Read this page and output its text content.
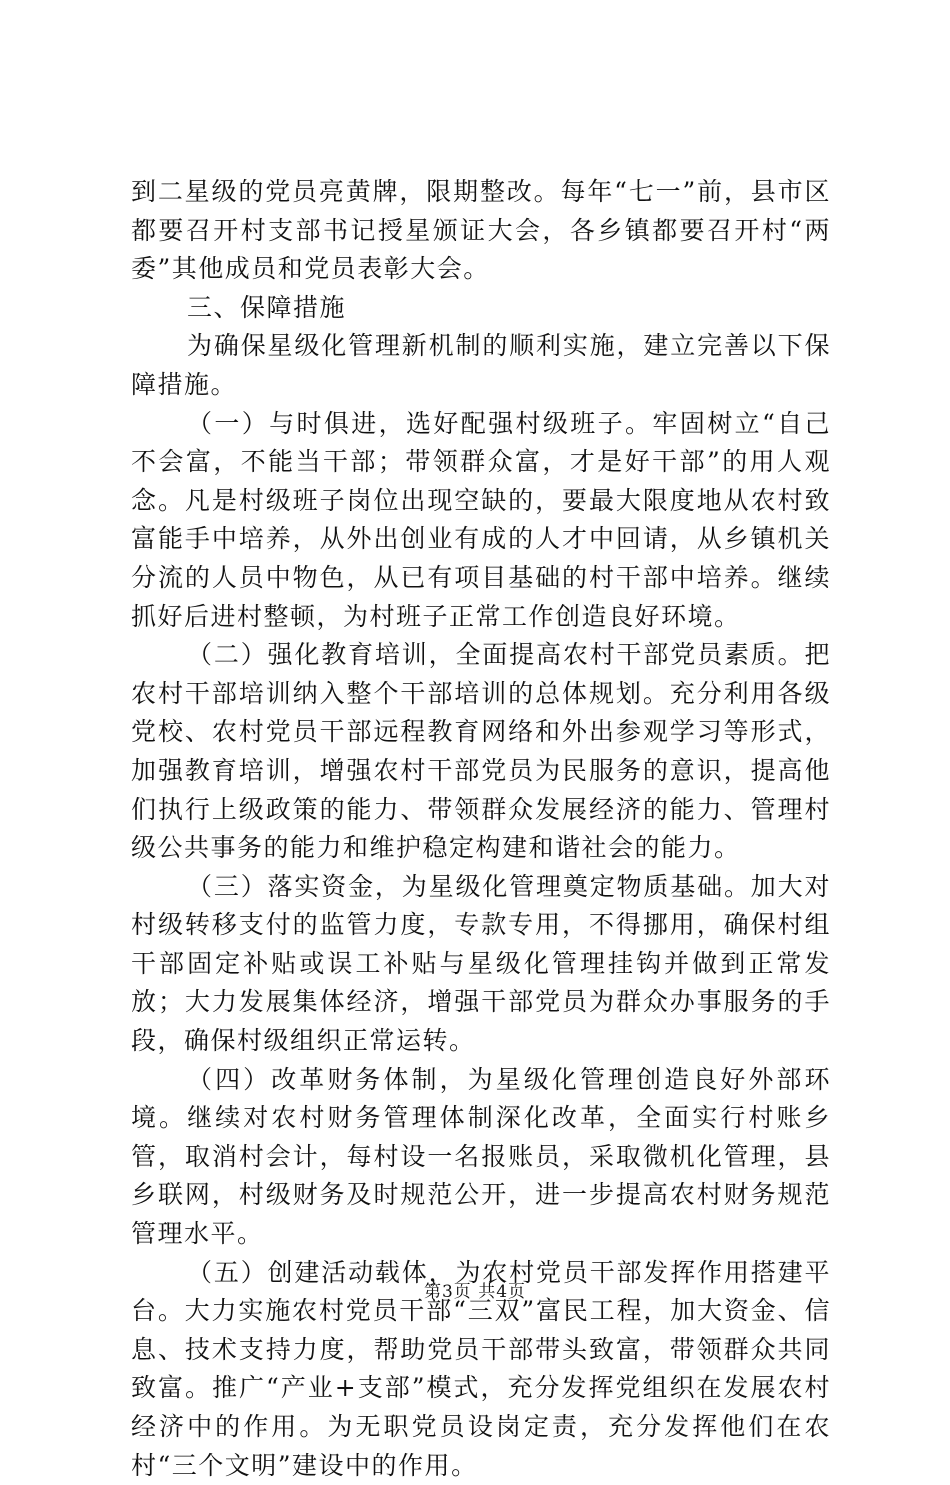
到二星级的党员亮黄牌，限期整改。每年“七一”前，县市区都要召开村支部书记授星颁证大会，各乡镇都要召开村“两委”其他成员和党员表彰大会。

三、保障措施

为确保星级化管理新机制的顺利实施，建立完善以下保障措施。

（一）与时俱进，选好配强村级班子。牢固树立“自己不会富，不能当干部；带领群众富，才是好干部”的用人观念。凡是村级班子岗位出现空缺的，要最大限度地从农村致富能手中培养，从外出创业有成的人才中回请，从乡镇机关分流的人员中物色，从已有项目基础的村干部中培养。继续抓好后进村整顿，为村班子正常工作创造良好环境。

（二）强化教育培训，全面提高农村干部党员素质。把农村干部培训纳入整个干部培训的总体规划。充分利用各级党校、农村党员干部远程教育网络和外出参观学习等形式，加强教育培训，增强农村干部党员为民服务的意识，提高他们执行上级政策的能力、带领群众发展经济的能力、管理村级公共事务的能力和维护稳定构建和谐社会的能力。

（三）落实资金，为星级化管理奠定物质基础。加大对村级转移支付的监管力度，专款专用，不得挪用，确保村组干部固定补贴或误工补贴与星级化管理挂钩并做到正常发放；大力发展集体经济，增强干部党员为群众办事服务的手段，确保村级组织正常运转。

（四）改革财务体制，为星级化管理创造良好外部环境。继续对农村财务管理体制深化改革，全面实行村账乡管，取消村会计，每村设一名报账员，采取微机化管理，县乡联网，村级财务及时规范公开，进一步提高农村财务规范管理水平。

（五）创建活动载体，为农村党员干部发挥作用搭建平台。大力实施农村党员干部“三双”富民工程，加大资金、信息、技术支持力度，帮助党员干部带头致富，带领群众共同致富。推广“产业+支部”模式，充分发挥党组织在发展农村经济中的作用。为无职党员设岗定责，充分发挥他们在农村“三个文明”建设中的作用。

第3页 共4页
